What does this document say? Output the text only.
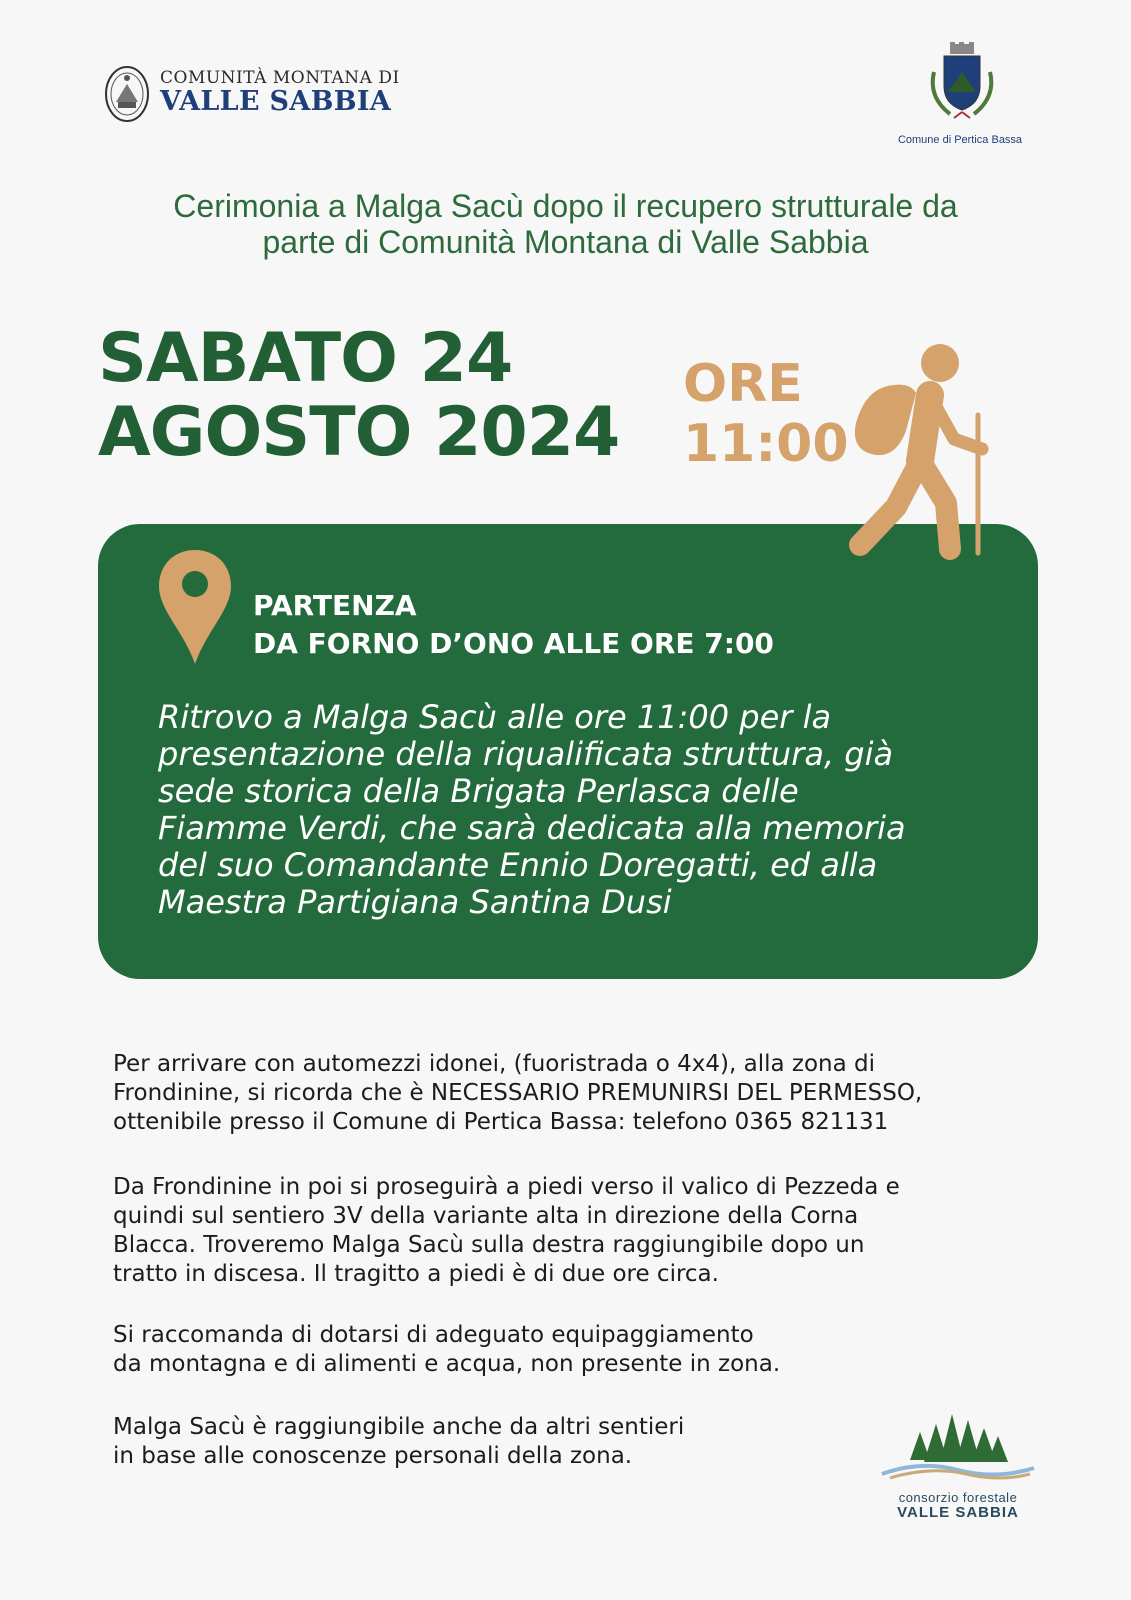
COMUNITÀ MONTANA DI
VALLE SABBIA
Comune di Pertica Bassa
Cerimonia a Malga Sacù dopo il recupero strutturale da
parte di Comunità Montana di Valle Sabbia
SABATO 24
AGOSTO 2024
ORE
11:00
PARTENZA
DA FORNO D’ONO ALLE ORE 7:00
Ritrovo a Malga Sacù alle ore 11:00 per la
presentazione della riqualificata struttura, già
sede storica della Brigata Perlasca delle
Fiamme Verdi, che sarà dedicata alla memoria
del suo Comandante Ennio Doregatti, ed alla
Maestra Partigiana Santina Dusi
Per arrivare con automezzi idonei, (fuoristrada o 4x4), alla zona di
Frondinine, si ricorda che è NECESSARIO PREMUNIRSI DEL PERMESSO,
ottenibile presso il Comune di Pertica Bassa: telefono 0365 821131
Da Frondinine in poi si proseguirà a piedi verso il valico di Pezzeda e
quindi sul sentiero 3V della variante alta in direzione della Corna
Blacca. Troveremo Malga Sacù sulla destra raggiungibile dopo un
tratto in discesa. Il tragitto a piedi è di due ore circa.
Si raccomanda di dotarsi di adeguato equipaggiamento
da montagna e di alimenti e acqua, non presente in zona.
Malga Sacù è raggiungibile anche da altri sentieri
in base alle conoscenze personali della zona.
consorzio forestale
VALLE SABBIA
